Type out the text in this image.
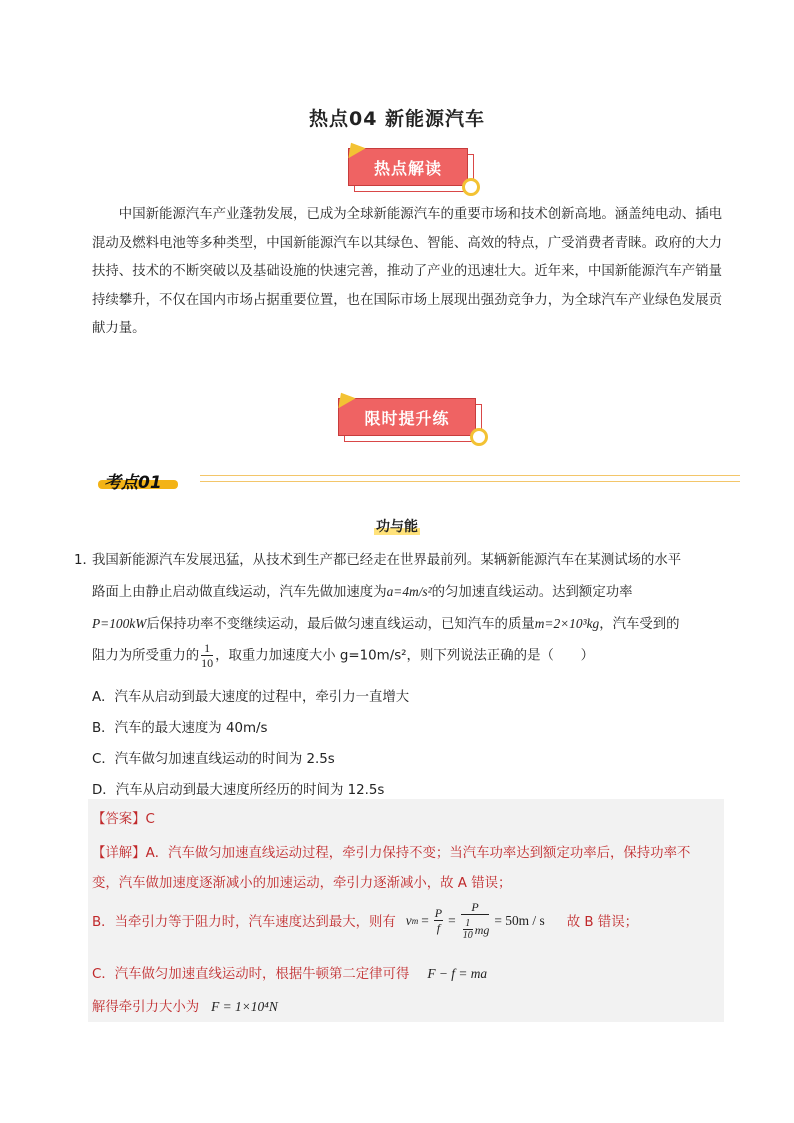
热点04 新能源汽车
热点解读
中国新能源汽车产业蓬勃发展，已成为全球新能源汽车的重要市场和技术创新高地。涵盖纯电动、插电混动及燃料电池等多种类型，中国新能源汽车以其绿色、智能、高效的特点，广受消费者青睐。政府的大力扶持、技术的不断突破以及基础设施的快速完善，推动了产业的迅速壮大。近年来，中国新能源汽车产销量持续攀升，不仅在国内市场占据重要位置，也在国际市场上展现出强劲竞争力，为全球汽车产业绿色发展贡献力量。
限时提升练
考点01
功与能
1．
我国新能源汽车发展迅猛，从技术到生产都已经走在世界最前列。某辆新能源汽车在某测试场的水平
路面上由静止启动做直线运动，汽车先做加速度为a=4m/s²的匀加速直线运动。达到额定功率
P=100kW后保持功率不变继续运动，最后做匀速直线运动，已知汽车的质量m=2×10³kg，汽车受到的
阻力为所受重力的 $\frac{1}{10}$ ，取重力加速度大小 g=10m/s²，则下列说法正确的是（　　）
A．汽车从启动到最大速度的过程中，牵引力一直增大
B．汽车的最大速度为 40m/s
C．汽车做匀加速直线运动的时间为 2.5s
D．汽车从启动到最大速度所经历的时间为 12.5s
【答案】C
【详解】A．汽车做匀加速直线运动过程，牵引力保持不变；当汽车功率达到额定功率后，保持功率不
变，汽车做加速度逐渐减小的加速运动，牵引力逐渐减小，故 A 错误；
B．当牵引力等于阻力时，汽车速度达到最大，则有 v $m = \frac{P}{f} = \frac{P}{\frac{1}{10} mg} = 50m / s$ 故 B 错误；
C．汽车做匀加速直线运动时，根据牛顿第二定律可得 F − f = ma
解得牵引力大小为 F = 1×10⁴N
